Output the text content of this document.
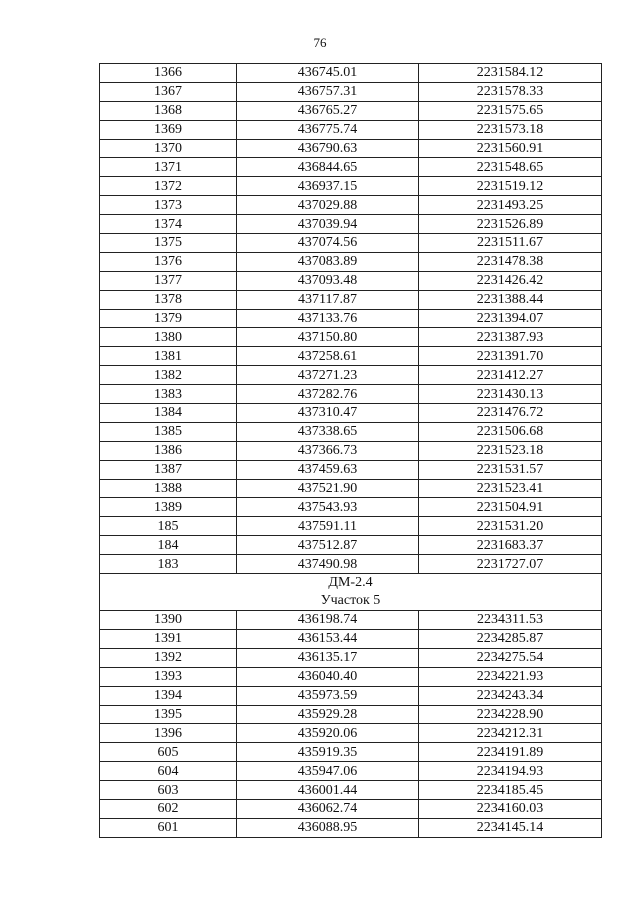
76
1366	436745.01	2231584.12
1367	436757.31	2231578.33
1368	436765.27	2231575.65
1369	436775.74	2231573.18
1370	436790.63	2231560.91
1371	436844.65	2231548.65
1372	436937.15	2231519.12
1373	437029.88	2231493.25
1374	437039.94	2231526.89
1375	437074.56	2231511.67
1376	437083.89	2231478.38
1377	437093.48	2231426.42
1378	437117.87	2231388.44
1379	437133.76	2231394.07
1380	437150.80	2231387.93
1381	437258.61	2231391.70
1382	437271.23	2231412.27
1383	437282.76	2231430.13
1384	437310.47	2231476.72
1385	437338.65	2231506.68
1386	437366.73	2231523.18
1387	437459.63	2231531.57
1388	437521.90	2231523.41
1389	437543.93	2231504.91
185	437591.11	2231531.20
184	437512.87	2231683.37
183	437490.98	2231727.07

ДМ-2.4
Участок 5		

1390	436198.74	2234311.53
1391	436153.44	2234285.87
1392	436135.17	2234275.54
1393	436040.40	2234221.93
1394	435973.59	2234243.34
1395	435929.28	2234228.90
1396	435920.06	2234212.31
605	435919.35	2234191.89
604	435947.06	2234194.93
603	436001.44	2234185.45
602	436062.74	2234160.03
601	436088.95	2234145.14
